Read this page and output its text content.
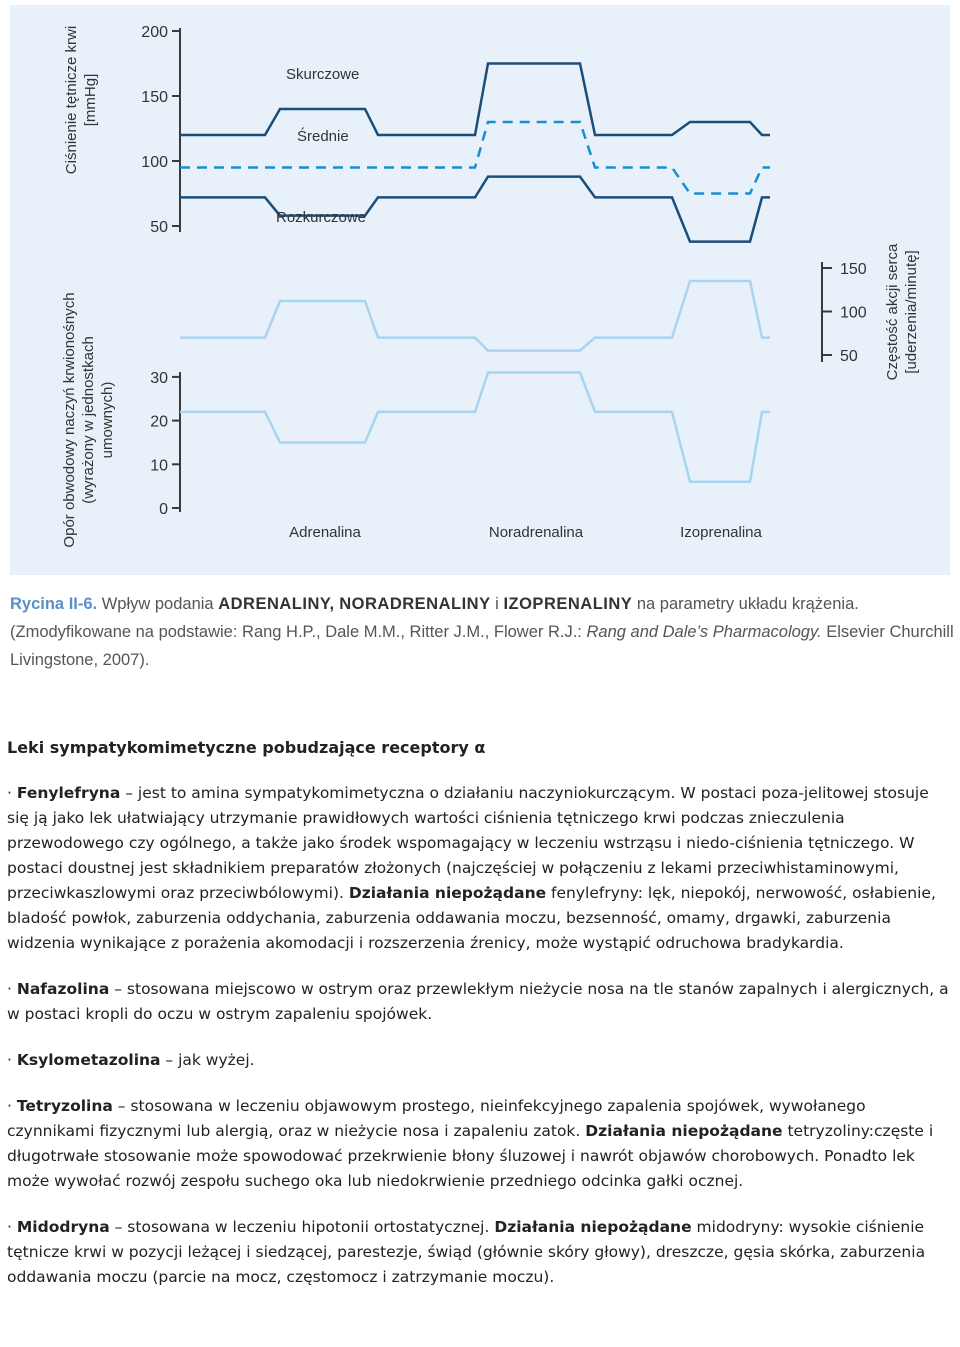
200
150
100
50
30
20
10
0
150
100
50
Ciśnienie tętnicze krwi [mmHg]
Opór obwodowy naczyń krwionośnych (wyrażony w jednostkach umownych)
Częstość akcji serca [uderzenia/minutę]
Skurczowe
Średnie
Rozkurczowe
Adrenalina	Noradrenalina	Izoprenalina
Rycina II-6. Wpływ podania ADRENALINY, NORADRENALINY i IZOPRENALINY na parametry układu krążenia.
(Zmodyfikowane na podstawie: Rang H.P., Dale M.M., Ritter J.M., Flower R.J.: Rang and Dale’s Pharmacology. Elsevier Churchill Livingstone, 2007).
Leki sympatykomimetyczne pobudzające receptory α

· Fenylefryna – jest to amina sympatykomimetyczna o działaniu naczyniokurczącym. W postaci poza-jelitowej stosuje się ją jako lek ułatwiający utrzymanie prawidłowych wartości ciśnienia tętniczego krwi podczas znieczulenia przewodowego czy ogólnego, a także jako środek wspomagający w leczeniu wstrząsu i niedo-ciśnienia tętniczego. W postaci doustnej jest składnikiem preparatów złożonych (najczęściej w połączeniu z lekami przeciwhistaminowymi, przeciwkaszlowymi oraz przeciwbólowymi). Działania niepożądane fenylefryny: lęk, niepokój, nerwowość, osłabienie, bladość powłok, zaburzenia oddychania, zaburzenia oddawania moczu, bezsenność, omamy, drgawki, zaburzenia widzenia wynikające z porażenia akomodacji i rozszerzenia źrenicy, może wystąpić odruchowa bradykardia.

· Nafazolina – stosowana miejscowo w ostrym oraz przewlekłym nieżycie nosa na tle stanów zapalnych i alergicznych, a w postaci kropli do oczu w ostrym zapaleniu spojówek.

· Ksylometazolina – jak wyżej.

· Tetryzolina – stosowana w leczeniu objawowym prostego, nieinfekcyjnego zapalenia spojówek, wywołanego czynnikami fizycznymi lub alergią, oraz w nieżycie nosa i zapaleniu zatok. Działania niepożądane tetryzoliny:częste i długotrwałe stosowanie może spowodować przekrwienie błony śluzowej i nawrót objawów chorobowych. Ponadto lek może wywołać rozwój zespołu suchego oka lub niedokrwienie przedniego odcinka gałki ocznej.

· Midodryna – stosowana w leczeniu hipotonii ortostatycznej. Działania niepożądane midodryny: wysokie ciśnienie tętnicze krwi w pozycji leżącej i siedzącej, parestezje, świąd (głównie skóry głowy), dreszcze, gęsia skórka, zaburzenia oddawania moczu (parcie na mocz, częstomocz i zatrzymanie moczu).
